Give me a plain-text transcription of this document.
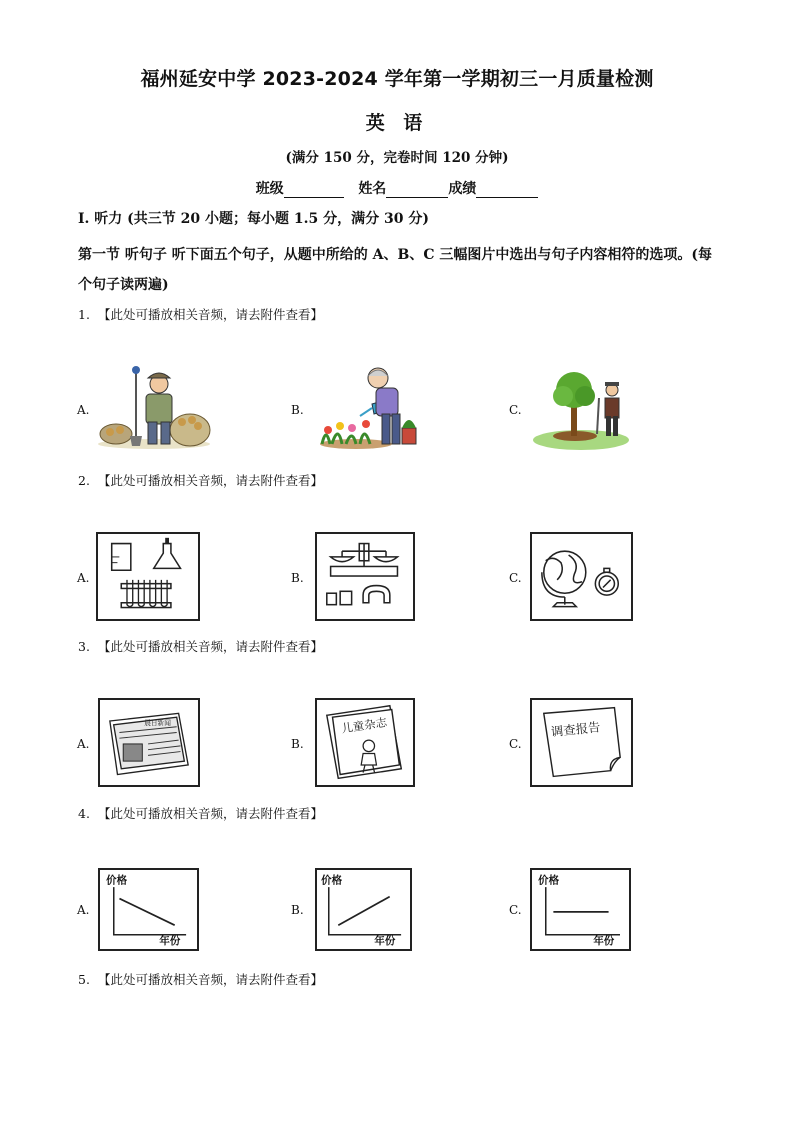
福州延安中学 2023-2024 学年第一学期初三一月质量检测
英 语
(满分 150 分，完卷时间 120 分钟)
班级	姓名	成绩
Ⅰ. 听力 (共三节 20 小题；每小题 1.5 分，满分 30 分)
第一节 听句子 听下面五个句子，从题中所给的 A、B、C 三幅图片中选出与句子内容相符的选项。(每个句子读两遍)
1. 【此处可播放相关音频，请去附件查看】
A.	B.	C.
2. 【此处可播放相关音频，请去附件查看】
A.	B.	C.
3. 【此处可播放相关音频，请去附件查看】
A.	B.	C.
晨日新闻	儿童杂志	调查报告
4. 【此处可播放相关音频，请去附件查看】
A.	B.	C.
价格
年份
价格
年份
价格
年份
5. 【此处可播放相关音频，请去附件查看】
